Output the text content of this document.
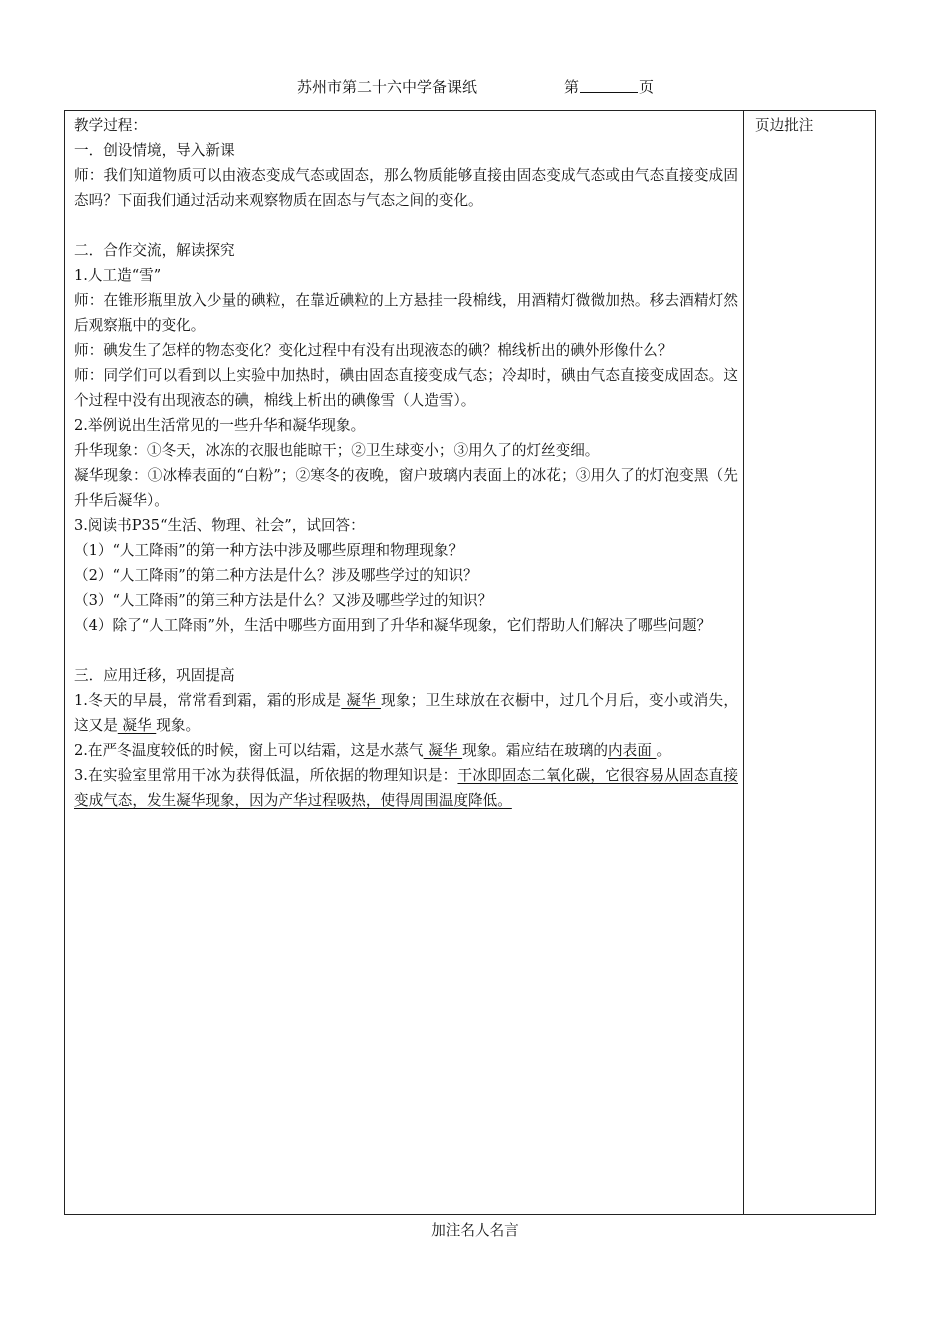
苏州市第二十六中学备课纸	第	页

教学过程：

一．创设情境，导入新课

师：我们知道物质可以由液态变成气态或固态，那么物质能够直接由固态变成气态或由气态直接变成固态吗？下面我们通过活动来观察物质在固态与气态之间的变化。

二．合作交流，解读探究

1.人工造“雪”

师：在锥形瓶里放入少量的碘粒，在靠近碘粒的上方悬挂一段棉线，用酒精灯微微加热。移去酒精灯然后观察瓶中的变化。

师：碘发生了怎样的物态变化？变化过程中有没有出现液态的碘？棉线析出的碘外形像什么？

师：同学们可以看到以上实验中加热时，碘由固态直接变成气态；冷却时，碘由气态直接变成固态。这个过程中没有出现液态的碘，棉线上析出的碘像雪（人造雪）。

2.举例说出生活常见的一些升华和凝华现象。

升华现象：①冬天，冰冻的衣服也能晾干；②卫生球变小；③用久了的灯丝变细。

凝华现象：①冰棒表面的“白粉”；②寒冬的夜晚，窗户玻璃内表面上的冰花；③用久了的灯泡变黑（先升华后凝华）。

3.阅读书P35“生活、物理、社会”，试回答：

（1）“人工降雨”的第一种方法中涉及哪些原理和物理现象？

（2）“人工降雨”的第二种方法是什么？涉及哪些学过的知识？

（3）“人工降雨”的第三种方法是什么？又涉及哪些学过的知识？

（4）除了“人工降雨”外，生活中哪些方面用到了升华和凝华现象，它们帮助人们解决了哪些问题？

三．应用迁移，巩固提高

1.冬天的早晨，常常看到霜，霜的形成是 凝华 现象；卫生球放在衣橱中，过几个月后，变小或消失，这又是 凝华 现象。

2.在严冬温度较低的时候，窗上可以结霜，这是水蒸气 凝华 现象。霜应结在玻璃的内表面 。

3.在实验室里常用干冰为获得低温，所依据的物理知识是：干冰即固态二氧化碳，它很容易从固态直接变成气态，发生凝华现象，因为产华过程吸热，使得周围温度降低。

页边批注
加注名人名言
